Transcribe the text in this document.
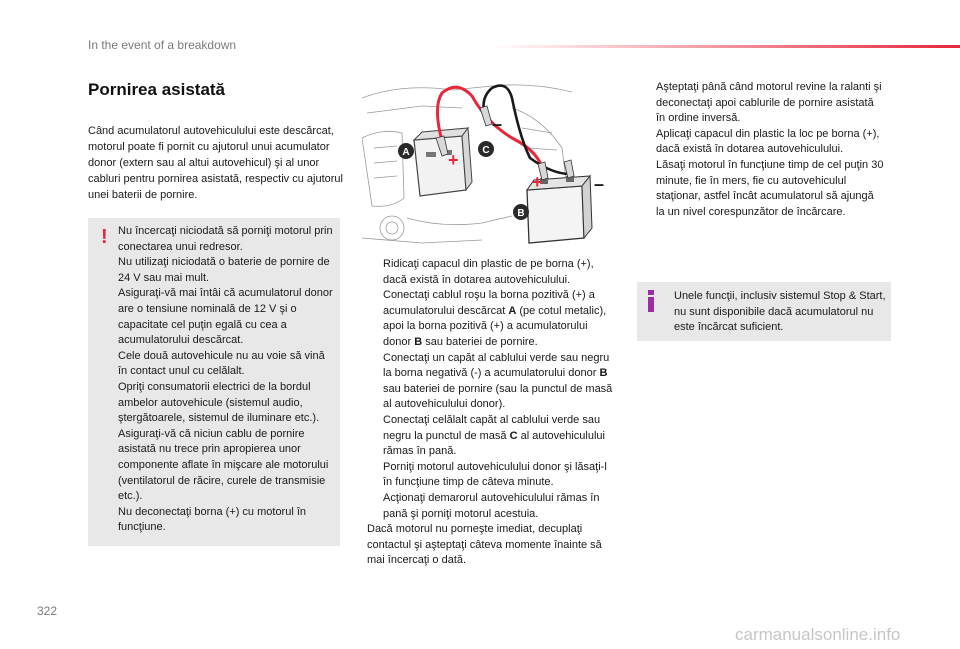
In the event of a breakdown
Pornirea asistată
Când acumulatorul autovehiculului este descărcat, motorul poate fi pornit cu ajutorul unui acumulator donor (extern sau al altui autovehicul) şi al unor cabluri pentru pornirea asistată, respectiv cu ajutorul unei baterii de pornire.
! Nu încercaţi niciodată să porniţi motorul prin conectarea unui redresor.

Nu utilizaţi niciodată o baterie de pornire de 24 V sau mai mult.

Asiguraţi-vă mai întâi că acumulatorul donor are o tensiune nominală de 12 V şi o capacitate cel puţin egală cu cea a acumulatorului descărcat.

Cele două autovehicule nu au voie să vină în contact unul cu celălalt.

Opriţi consumatorii electrici de la bordul ambelor autovehicule (sistemul audio, ştergătoarele, sistemul de iluminare etc.).

Asiguraţi-vă că niciun cablu de pornire asistată nu trece prin apropierea unor componente aflate în mişcare ale motorului (ventilatorul de răcire, curele de transmisie etc.).

Nu deconectaţi borna (+) cu motorul în funcţiune.

+
–
+	–
A	C
B

Ridicaţi capacul din plastic de pe borna (+), dacă există în dotarea autovehiculului.

Conectaţi cablul roşu la borna pozitivă (+) a acumulatorului descărcat A (pe cotul metalic), apoi la borna pozitivă (+) a acumulatorului donor B sau bateriei de pornire.

Conectaţi un capăt al cablului verde sau negru la borna negativă (-) a acumulatorului donor B sau bateriei de pornire (sau la punctul de masă al autovehiculului donor).

Conectaţi celălalt capăt al cablului verde sau negru la punctul de masă C al autovehiculului rămas în pană.

Porniţi motorul autovehiculului donor şi lăsaţi-l în funcţiune timp de câteva minute.

Acţionaţi demarorul autovehiculului rămas în pană şi porniţi motorul acestuia.

Dacă motorul nu porneşte imediat, decuplaţi contactul şi aşteptaţi câteva momente înainte să mai încercaţi o dată.

Aşteptaţi până când motorul revine la ralanti şi deconectaţi apoi cablurile de pornire asistată în ordine inversă.

Aplicaţi capacul din plastic la loc pe borna (+), dacă există în dotarea autovehiculului.

Lăsaţi motorul în funcţiune timp de cel puţin 30 minute, fie în mers, fie cu autovehiculul staţionar, astfel încât acumulatorul să ajungă la un nivel corespunzător de încărcare.

Unele funcţii, inclusiv sistemul Stop & Start, nu sunt disponibile dacă acumulatorul nu este încărcat suficient.
322
carmanualsonline.info
